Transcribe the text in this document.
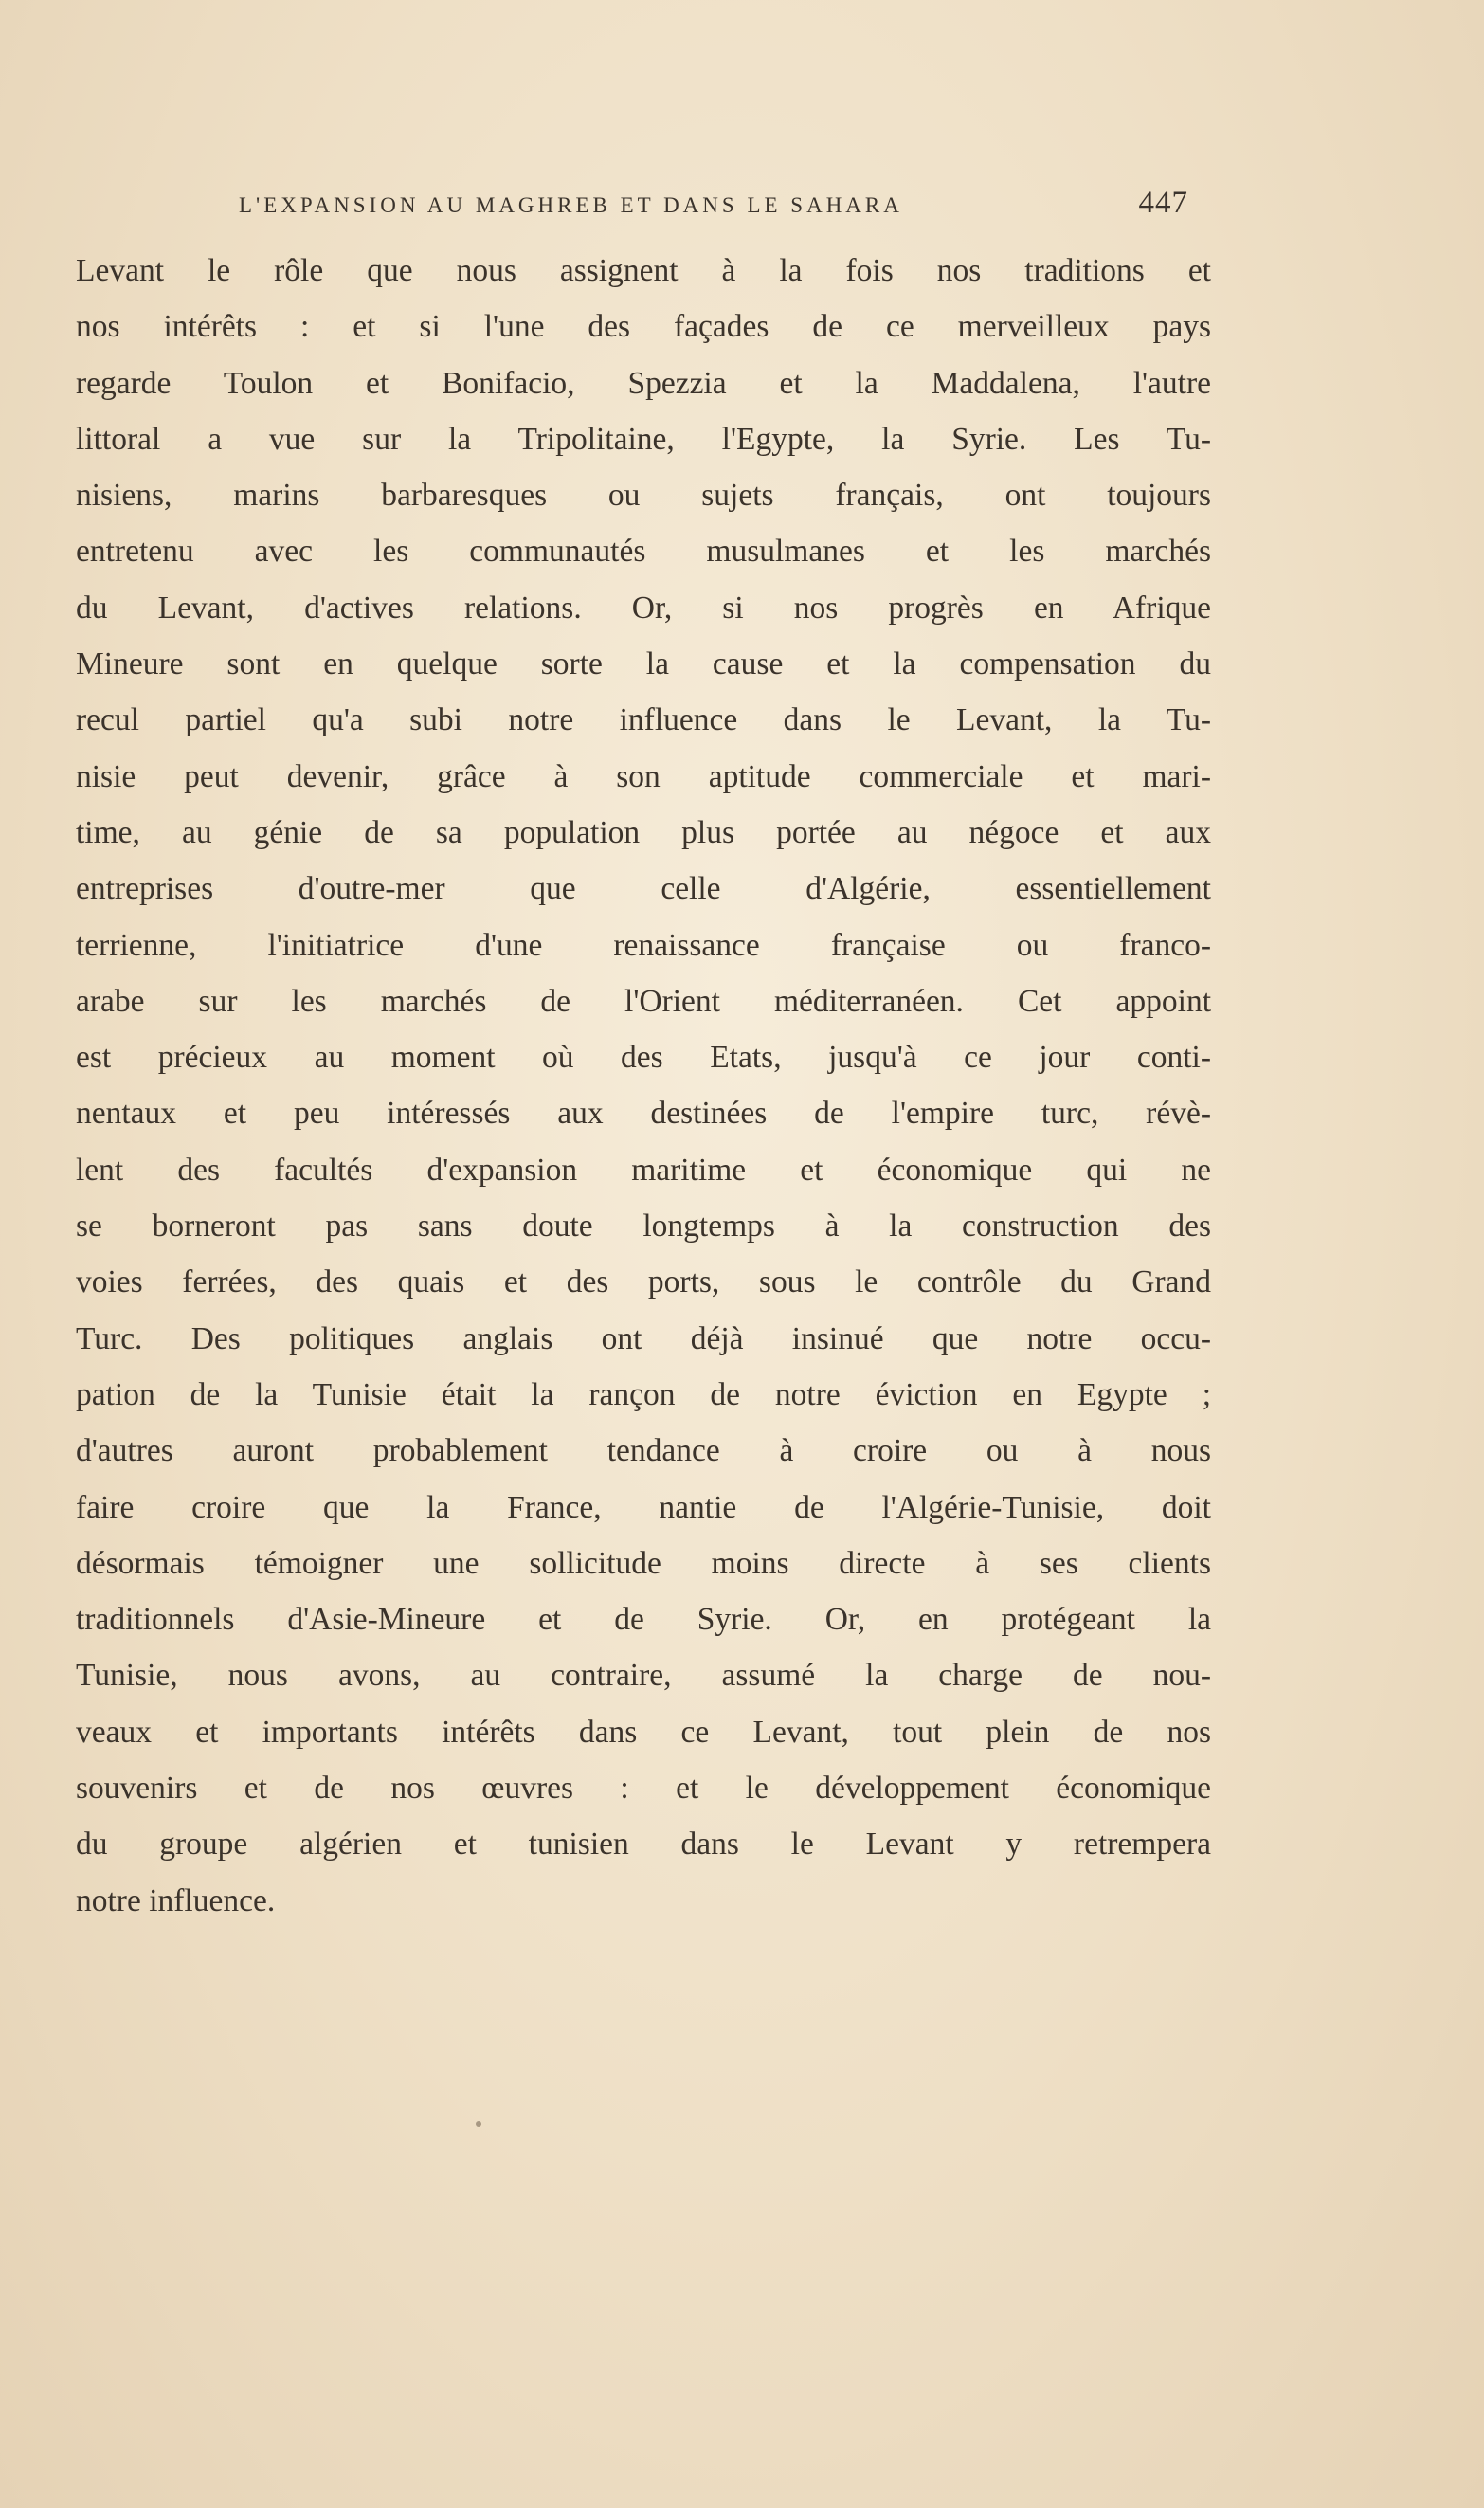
L'EXPANSION AU MAGHREB ET DANS LE SAHARA	447
Levant le rôle que nous assignent à la fois nos traditions et
nos intérêts : et si l'une des façades de ce merveilleux pays
regarde Toulon et Bonifacio, Spezzia et la Maddalena, l'autre
littoral a vue sur la Tripolitaine, l'Egypte, la Syrie. Les Tu-
nisiens, marins barbaresques ou sujets français, ont toujours
entretenu avec les communautés musulmanes et les marchés
du Levant, d'actives relations. Or, si nos progrès en Afrique
Mineure sont en quelque sorte la cause et la compensation du
recul partiel qu'a subi notre influence dans le Levant, la Tu-
nisie peut devenir, grâce à son aptitude commerciale et mari-
time, au génie de sa population plus portée au négoce et aux
entreprises d'outre-mer que celle d'Algérie, essentiellement
terrienne, l'initiatrice d'une renaissance française ou franco-
arabe sur les marchés de l'Orient méditerranéen. Cet appoint
est précieux au moment où des Etats, jusqu'à ce jour conti-
nentaux et peu intéressés aux destinées de l'empire turc, révè-
lent des facultés d'expansion maritime et économique qui ne
se borneront pas sans doute longtemps à la construction des
voies ferrées, des quais et des ports, sous le contrôle du Grand
Turc. Des politiques anglais ont déjà insinué que notre occu-
pation de la Tunisie était la rançon de notre éviction en Egypte ;
d'autres auront probablement tendance à croire ou à nous
faire croire que la France, nantie de l'Algérie-Tunisie, doit
désormais témoigner une sollicitude moins directe à ses clients
traditionnels d'Asie-Mineure et de Syrie. Or, en protégeant la
Tunisie, nous avons, au contraire, assumé la charge de nou-
veaux et importants intérêts dans ce Levant, tout plein de nos
souvenirs et de nos œuvres : et le développement économique
du groupe algérien et tunisien dans le Levant y retrempera
notre influence.
